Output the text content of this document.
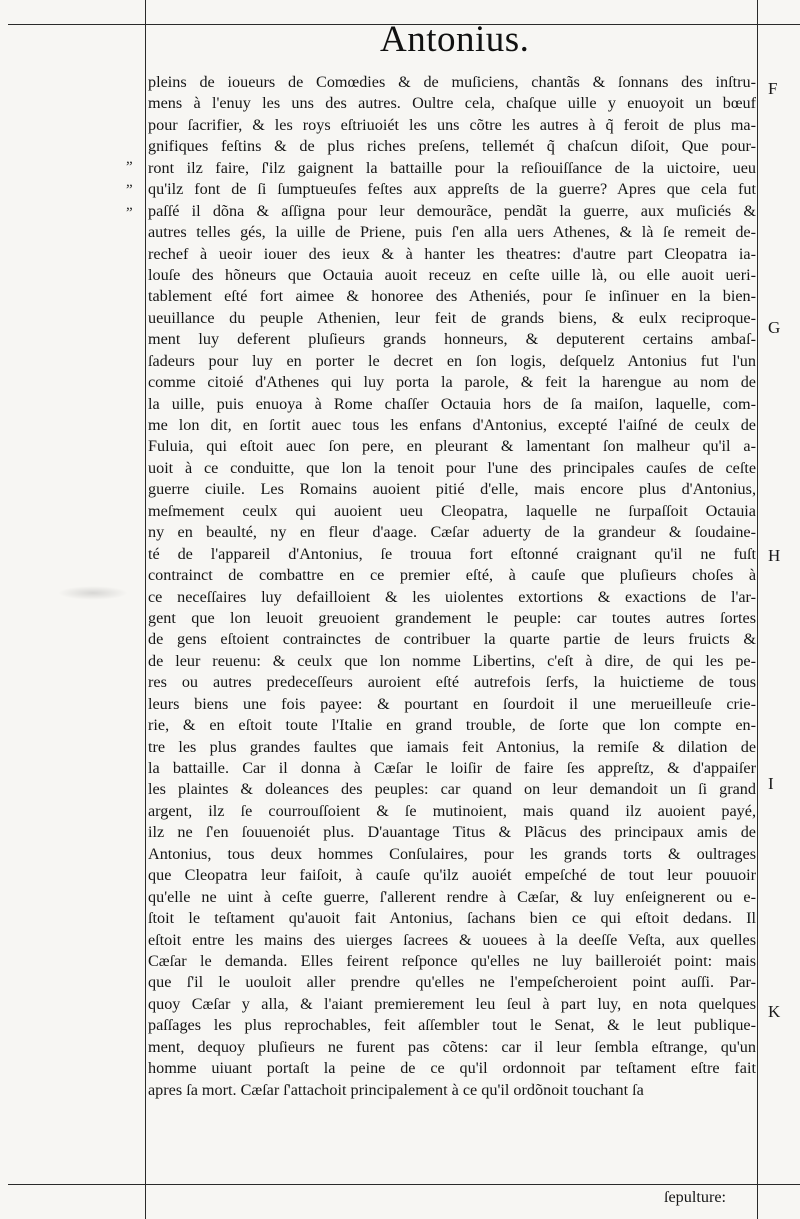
Antonius.
„
„
„
F
G
H
I
K
pleins de ioueurs de Comœdies & de muſiciens, chantãs & ſonnans des inſtru-
mens à l'enuy les uns des autres. Oultre cela, chaſque uille y enuoyoit un bœuf
pour ſacrifier, & les roys eſtriuoiét les uns cõtre les autres à q̃ feroit de plus ma-
gnifiques feſtins & de plus riches preſens, tellemét q̃ chaſcun diſoit, Que pour-
ront ilz faire, ſ'ilz gaignent la battaille pour la reſiouiſſance de la uictoire, ueu
qu'ilz font de ſi ſumptueuſes feſtes aux appreſts de la guerre? Apres que cela fut
paſſé il dõna & aſſigna pour leur demourãce, pendãt la guerre, aux muſiciés &
autres telles gés, la uille de Priene, puis ſ'en alla uers Athenes, & là ſe remeit de-
rechef à ueoir iouer des ieux & à hanter les theatres: d'autre part Cleopatra ia-
louſe des hõneurs que Octauia auoit receuz en ceſte uille là, ou elle auoit ueri-
tablement eſté fort aimee & honoree des Atheniés, pour ſe inſinuer en la bien-
ueuillance du peuple Athenien, leur feit de grands biens, & eulx reciproque-
ment luy deferent pluſieurs grands honneurs, & deputerent certains ambaſ-
ſadeurs pour luy en porter le decret en ſon logis, deſquelz Antonius fut l'un
comme citoié d'Athenes qui luy porta la parole, & feit la harengue au nom de
la uille, puis enuoya à Rome chaſſer Octauia hors de ſa maiſon, laquelle, com-
me lon dit, en ſortit auec tous les enfans d'Antonius, excepté l'aiſné de ceulx de
Fuluia, qui eſtoit auec ſon pere, en pleurant & lamentant ſon malheur qu'il a-
uoit à ce conduitte, que lon la tenoit pour l'une des principales cauſes de ceſte
guerre ciuile. Les Romains auoient pitié d'elle, mais encore plus d'Antonius,
meſmement ceulx qui auoient ueu Cleopatra, laquelle ne ſurpaſſoit Octauia
ny en beaulté, ny en fleur d'aage. Cæſar aduerty de la grandeur & ſoudaine-
té de l'appareil d'Antonius, ſe trouua fort eſtonné craignant qu'il ne fuſt
contrainct de combattre en ce premier eſté, à cauſe que pluſieurs choſes à
ce neceſſaires luy defailloient & les uiolentes extortions & exactions de l'ar-
gent que lon leuoit greuoient grandement le peuple: car toutes autres ſortes
de gens eſtoient contrainctes de contribuer la quarte partie de leurs fruicts &
de leur reuenu: & ceulx que lon nomme Libertins, c'eſt à dire, de qui les pe-
res ou autres predeceſſeurs auroient eſté autrefois ſerfs, la huictieme de tous
leurs biens une fois payee: & pourtant en ſourdoit il une merueilleuſe crie-
rie, & en eſtoit toute l'Italie en grand trouble, de ſorte que lon compte en-
tre les plus grandes faultes que iamais feit Antonius, la remiſe & dilation de
la battaille. Car il donna à Cæſar le loiſir de faire ſes appreſtz, & d'appaiſer
les plaintes & doleances des peuples: car quand on leur demandoit un ſi grand
argent, ilz ſe courrouſſoient & ſe mutinoient, mais quand ilz auoient payé,
ilz ne ſ'en ſouuenoiét plus. D'auantage Titus & Plãcus des principaux amis de
Antonius, tous deux hommes Conſulaires, pour les grands torts & oultrages
que Cleopatra leur faiſoit, à cauſe qu'ilz auoiét empeſché de tout leur pouuoir
qu'elle ne uint à ceſte guerre, ſ'allerent rendre à Cæſar, & luy enſeignerent ou e-
ſtoit le teſtament qu'auoit fait Antonius, ſachans bien ce qui eſtoit dedans. Il
eſtoit entre les mains des uierges ſacrees & uouees à la deeſſe Veſta, aux quelles
Cæſar le demanda. Elles feirent reſponce qu'elles ne luy bailleroiét point: mais
que ſ'il le uouloit aller prendre qu'elles ne l'empeſcheroient point auſſi. Par-
quoy Cæſar y alla, & l'aiant premierement leu ſeul à part luy, en nota quelques
paſſages les plus reprochables, feit aſſembler tout le Senat, & le leut publique-
ment, dequoy pluſieurs ne furent pas cõtens: car il leur ſembla eſtrange, qu'un
homme uiuant portaſt la peine de ce qu'il ordonnoit par teſtament eſtre fait
apres ſa mort. Cæſar ſ'attachoit principalement à ce qu'il ordõnoit touchant ſa
ſepulture:
